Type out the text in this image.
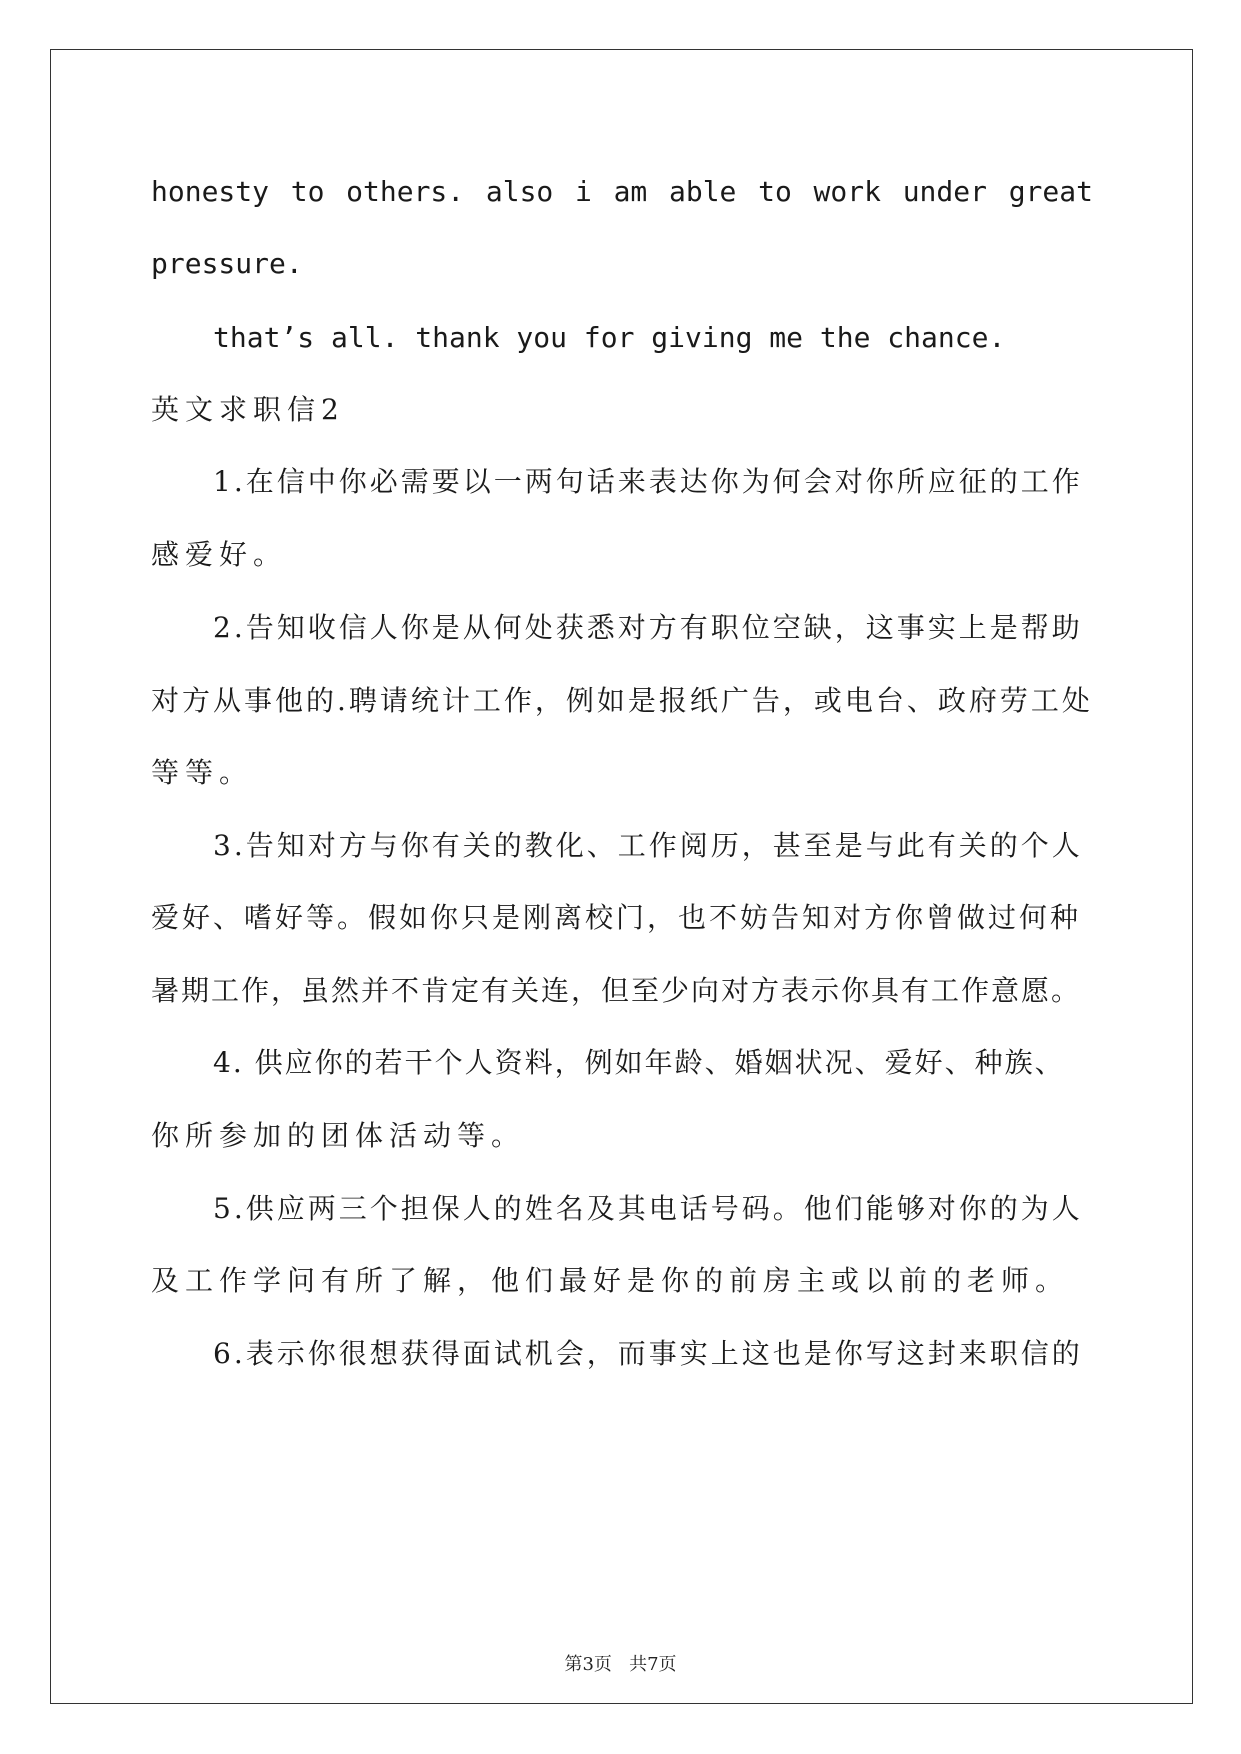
honesty to others. also i am able to work under great
pressure.
that’s all. thank you for giving me the chance.
英文求职信2
1.在信中你必需要以一两句话来表达你为何会对你所应征的工作
感爱好。
2.告知收信人你是从何处获悉对方有职位空缺，这事实上是帮助
对方从事他的.聘请统计工作，例如是报纸广告，或电台、政府劳工处
等等。
3.告知对方与你有关的教化、工作阅历，甚至是与此有关的个人
爱好、嗜好等。假如你只是刚离校门，也不妨告知对方你曾做过何种
暑期工作，虽然并不肯定有关连，但至少向对方表示你具有工作意愿。
4. 供应你的若干个人资料，例如年龄、婚姻状况、爱好、种族、
你所参加的团体活动等。
5.供应两三个担保人的姓名及其电话号码。他们能够对你的为人
及工作学问有所了解，他们最好是你的前房主或以前的老师。
6.表示你很想获得面试机会，而事实上这也是你写这封来职信的
第3页   共7页
